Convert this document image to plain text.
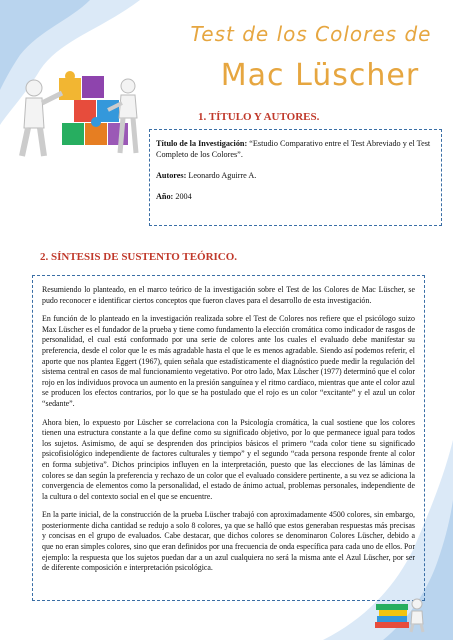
Test de los Colores de
Mac Lüscher
1. TÍTULO Y AUTORES.

Título de la Investigación: “Estudio Comparativo entre el Test Abreviado y el Test Completo de los Colores”.

Autores: Leonardo Aguirre A.

Año: 2004

2. SÍNTESIS DE SUSTENTO TEÓRICO.

Resumiendo lo planteado, en el marco teórico de la investigación sobre el Test de los Colores de Mac Lüscher, se pudo reconocer e identificar ciertos conceptos que fueron claves para el desarrollo de esta investigación.

En función de lo planteado en la investigación realizada sobre el Test de Colores nos refiere que el psicólogo suizo Max Lüscher es el fundador de la prueba y tiene como fundamento la elección cromática como indicador de rasgos de personalidad, el cual está conformado por una serie de colores ante los cuales el evaluado debe manifestar su preferencia, desde el color que le es más agradable hasta el que le es menos agradable. Siendo así podemos referir, el aporte que nos plantea Eggert (1967), quien señala que estadísticamente el diagnóstico puede medir la regulación del sistema central en casos de mal funcionamiento vegetativo. Por otro lado, Max Lüscher (1977) determinó que el color rojo en los individuos provoca un aumento en la presión sanguínea y el ritmo cardíaco, mientras que ante el color azul se producen los efectos contrarios, por lo que se ha postulado que el rojo es un color “excitante” y el azul un color “sedante”.

Ahora bien, lo expuesto por Lüscher se correlaciona con la Psicología cromática, la cual sostiene que los colores tienen una estructura constante a la que define como su significado objetivo, por lo que permanece igual para todos los sujetos. Asimismo, de aquí se desprenden dos principios básicos el primero “cada color tiene su significado psicofisiológico independiente de factores culturales y tiempo” y el segundo “cada persona responde frente al color en forma subjetiva”. Dichos principios influyen en la interpretación, puesto que las elecciones de las láminas de colores se dan según la preferencia y rechazo de un color que el evaluado considere pertinente, a su vez se adiciona la convergencia de elementos como la personalidad, el estado de ánimo actual, problemas personales, independiente de la cultura o del contexto social en el que se encuentre.

En la parte inicial, de la construcción de la prueba Lüscher trabajó con aproximadamente 4500 colores, sin embargo, posteriormente dicha cantidad se redujo a solo 8 colores, ya que se halló que estos generaban respuestas más precisas y concisas en el grupo de evaluados. Cabe destacar, que dichos colores se denominaron Colores Lüscher, debido a que no eran simples colores, sino que eran definidos por una frecuencia de onda específica para cada uno de ellos. Por ejemplo: la respuesta que los sujetos puedan dar a un azul cualquiera no será la misma ante el Azul Lüscher, por ser de diferente composición e interpretación psicológica.
